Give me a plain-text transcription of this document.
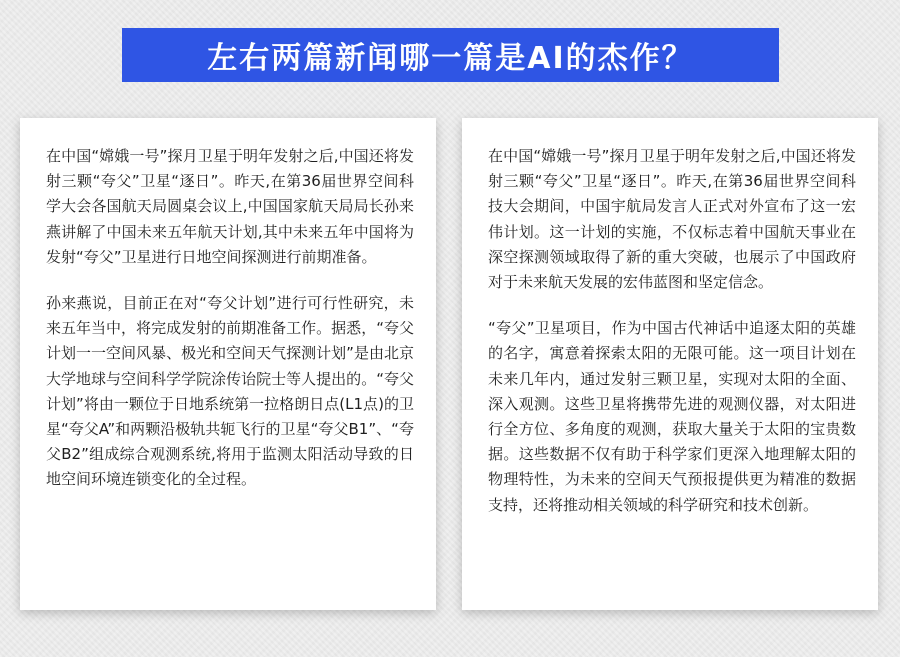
左右两篇新闻哪一篇是AI的杰作？

在中国“嫦娥一号”探月卫星于明年发射之后,中国还将发射三颗“夸父”卫星“逐日”。昨天,在第36届世界空间科学大会各国航天局圆桌会议上,中国国家航天局局长孙来燕讲解了中国未来五年航天计划,其中未来五年中国将为发射“夸父”卫星进行日地空间探测进行前期准备。

孙来燕说，目前正在对“夸父计划”进行可行性研究，未来五年当中，将完成发射的前期准备工作。据悉，“夸父计划一一空间风暴、极光和空间天气探测计划”是由北京大学地球与空间科学学院涂传诒院士等人提出的。“夸父计划”将由一颗位于日地系统第一拉格朗日点(L1点)的卫星“夸父A”和两颗沿极轨共轭飞行的卫星“夸父B1”、“夸父B2”组成综合观测系统,将用于监测太阳活动导致的日地空间环境连锁变化的全过程。

在中国“嫦娥一号”探月卫星于明年发射之后,中国还将发射三颗“夸父”卫星“逐日”。昨天,在第36届世界空间科技大会期间，中国宇航局发言人正式对外宣布了这一宏伟计划。这一计划的实施，不仅标志着中国航天事业在深空探测领域取得了新的重大突破，也展示了中国政府对于未来航天发展的宏伟蓝图和坚定信念。

“夸父”卫星项目，作为中国古代神话中追逐太阳的英雄的名字，寓意着探索太阳的无限可能。这一项目计划在未来几年内，通过发射三颗卫星，实现对太阳的全面、深入观测。这些卫星将携带先进的观测仪器，对太阳进行全方位、多角度的观测，获取大量关于太阳的宝贵数据。这些数据不仅有助于科学家们更深入地理解太阳的物理特性，为未来的空间天气预报提供更为精准的数据支持，还将推动相关领域的科学研究和技术创新。
